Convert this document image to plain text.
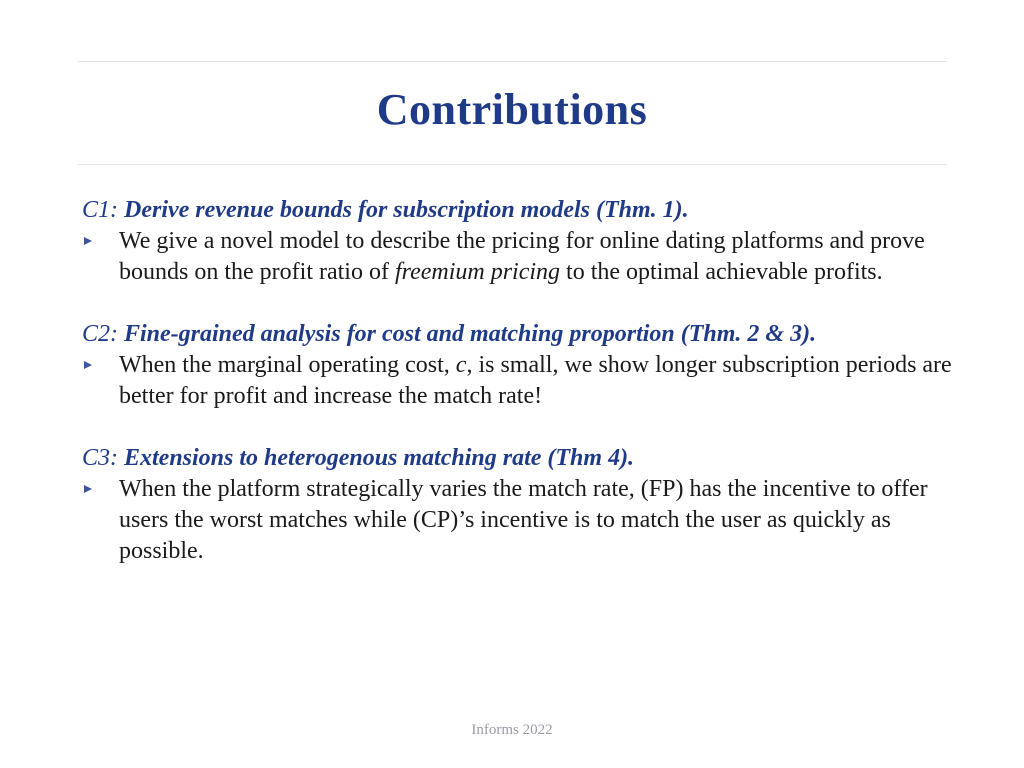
Contributions
C1: Derive revenue bounds for subscription models (Thm. 1).
We give a novel model to describe the pricing for online dating platforms and prove bounds on the profit ratio of freemium pricing to the optimal achievable profits.
C2: Fine-grained analysis for cost and matching proportion (Thm. 2 & 3).
When the marginal operating cost, c, is small, we show longer subscription periods are better for profit and increase the match rate!
C3: Extensions to heterogenous matching rate (Thm 4).
When the platform strategically varies the match rate, (FP) has the incentive to offer users the worst matches while (CP)’s incentive is to match the user as quickly as possible.
Informs 2022
